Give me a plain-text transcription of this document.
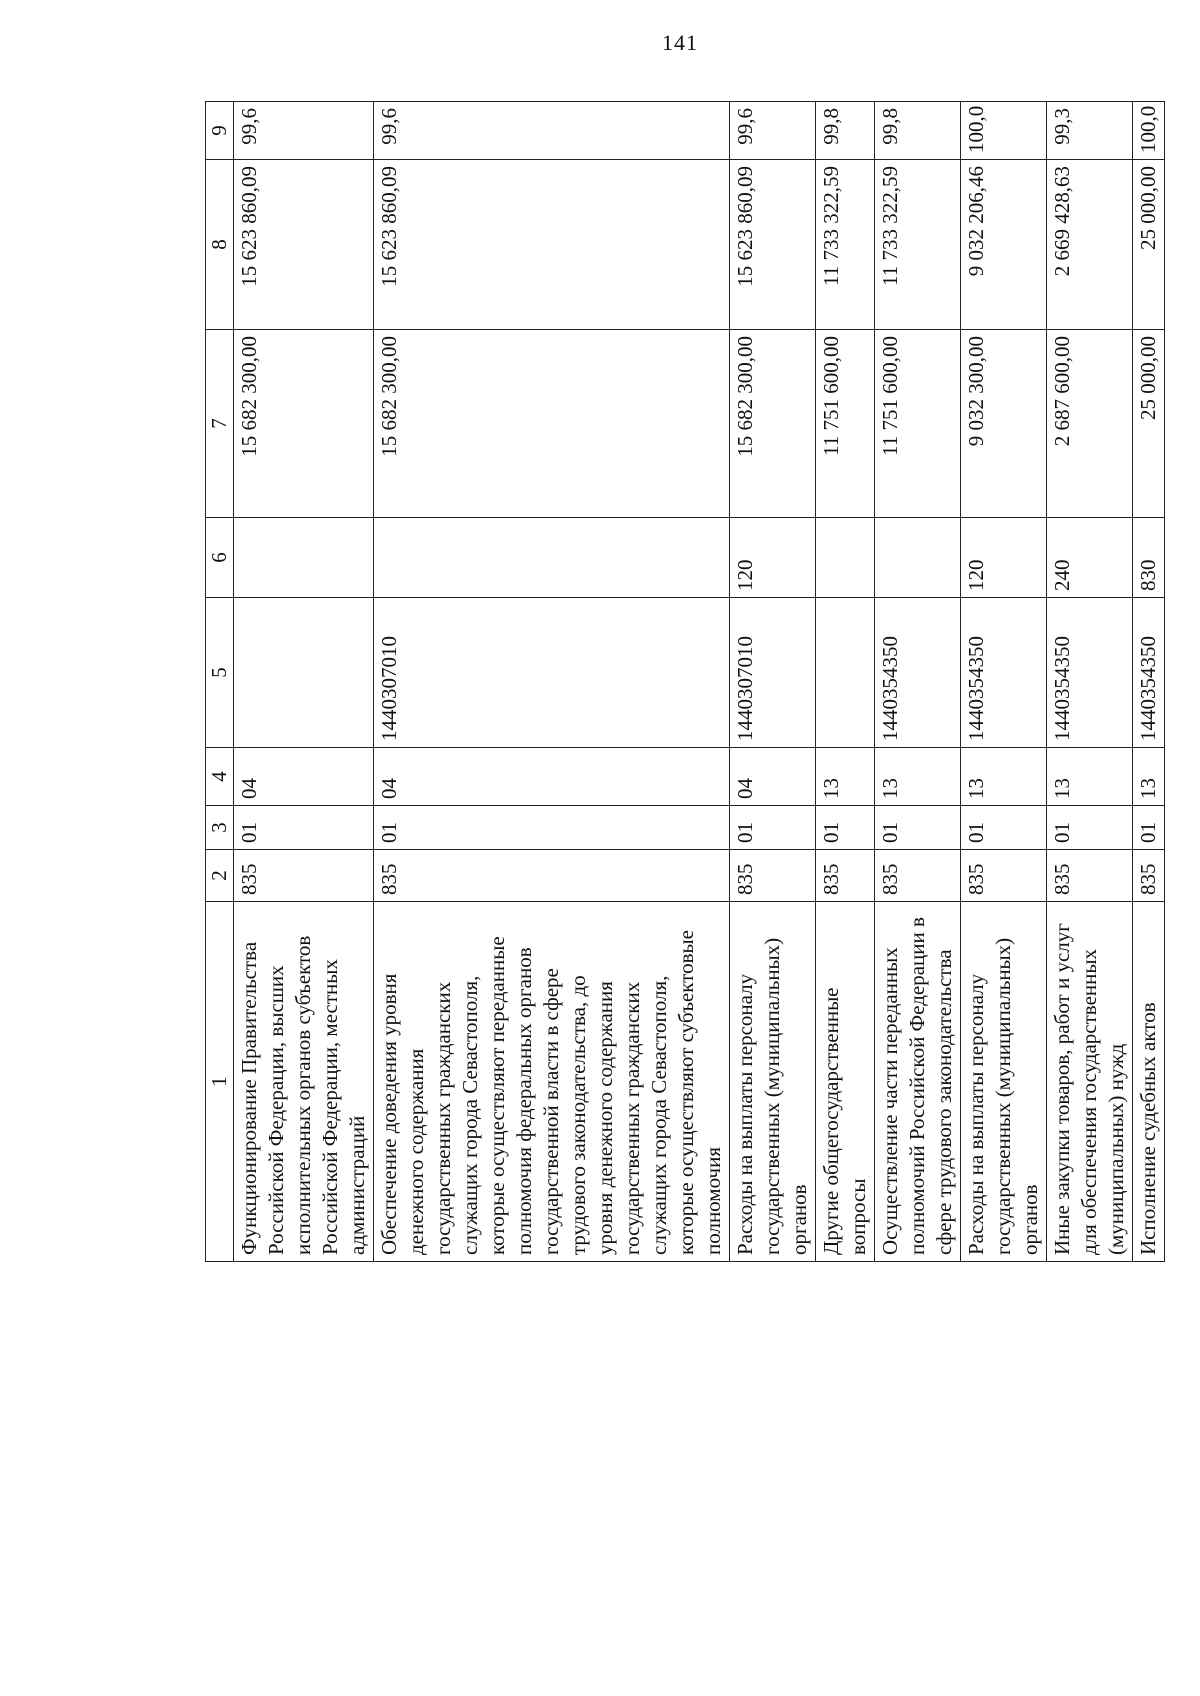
141
1	2	3	4	5	6	7	8	9
Функционирование Правительства Российской Федерации, высших исполнительных органов субъектов Российской Федерации, местных администраций	835	01	04			15 682 300,00	15 623 860,09	99,6
Обеспечение доведения уровня денежного содержания государственных гражданских служащих города Севастополя, которые осуществляют переданные полномочия федеральных органов государственной власти в сфере трудового законодательства, до уровня денежного содержания государственных гражданских служащих города Севастополя, которые осуществляют субъектовые полномочия	835	01	04	1440307010		15 682 300,00	15 623 860,09	99,6
Расходы на выплаты персоналу государственных (муниципальных) органов	835	01	04	1440307010	120	15 682 300,00	15 623 860,09	99,6
Другие общегосударственные вопросы	835	01	13			11 751 600,00	11 733 322,59	99,8
Осуществление части переданных полномочий Российской Федерации в сфере трудового законодательства	835	01	13	1440354350		11 751 600,00	11 733 322,59	99,8
Расходы на выплаты персоналу государственных (муниципальных) органов	835	01	13	1440354350	120	9 032 300,00	9 032 206,46	100,0
Иные закупки товаров, работ и услуг для обеспечения государственных (муниципальных) нужд	835	01	13	1440354350	240	2 687 600,00	2 669 428,63	99,3
Исполнение судебных актов	835	01	13	1440354350	830	25 000,00	25 000,00	100,0
